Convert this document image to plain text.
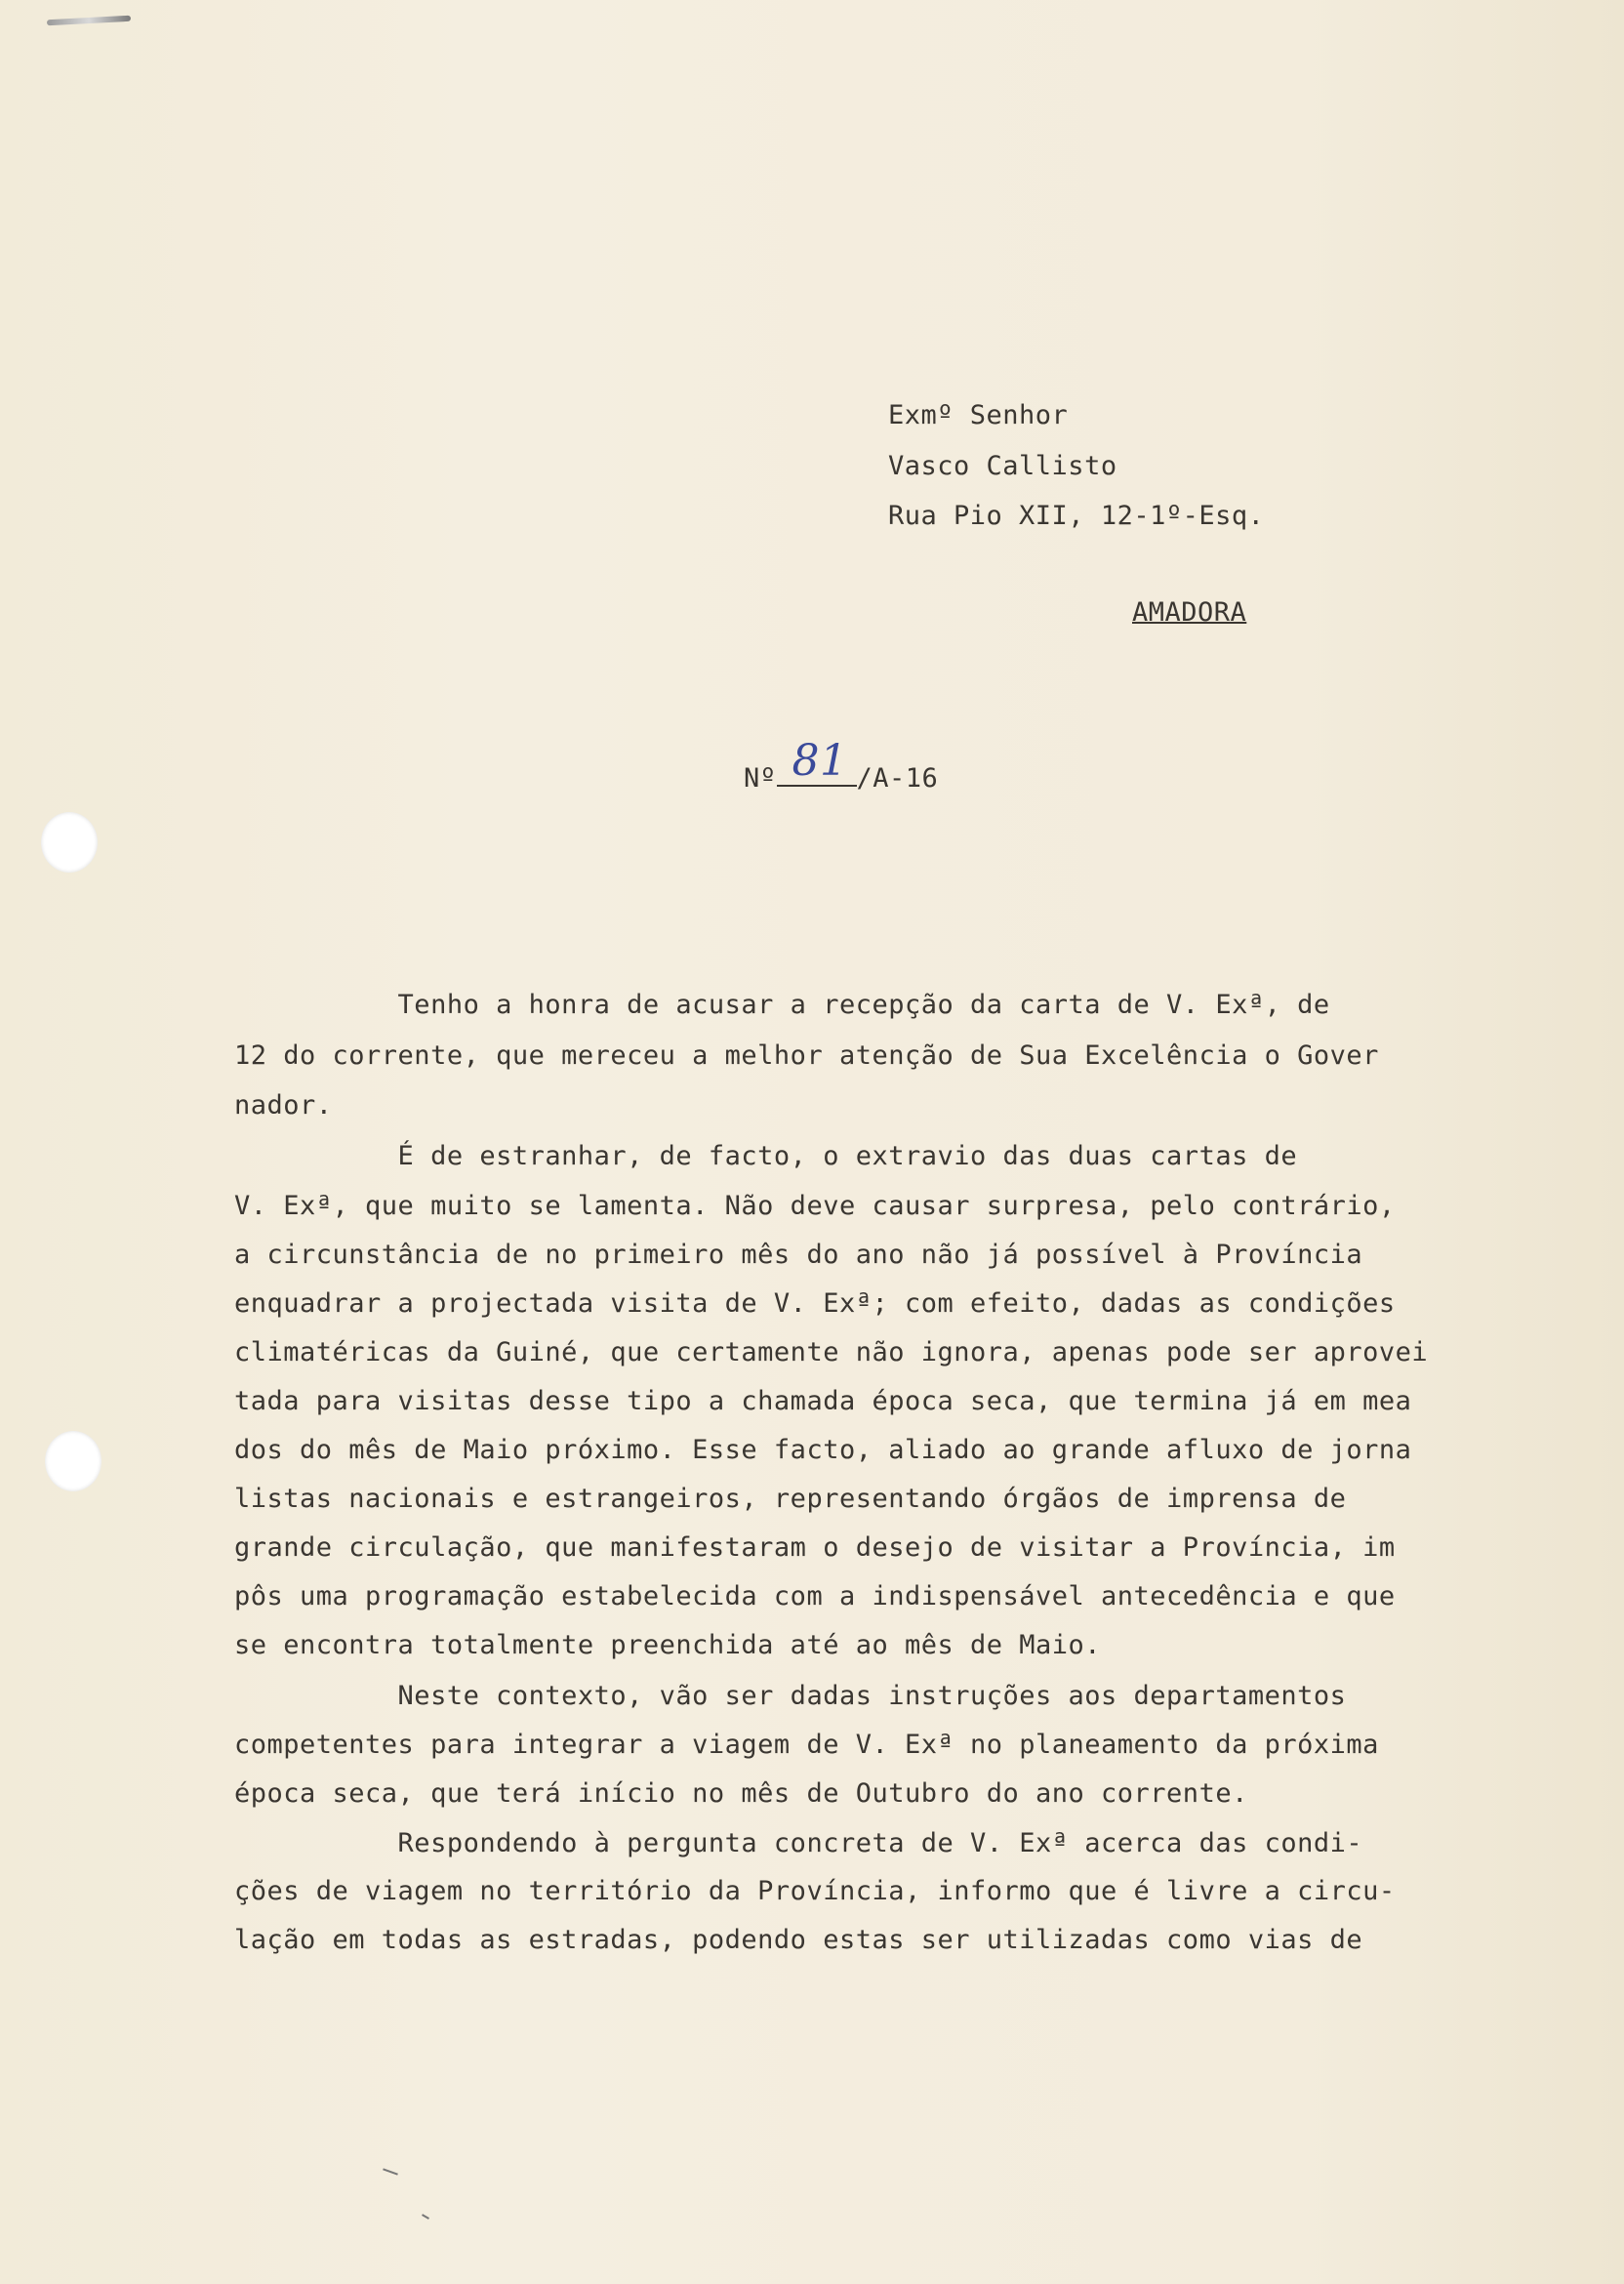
Exmº Senhor
Vasco Callisto
Rua Pio XII, 12-1º-Esq.
AMADORA
Nº 81 /A-16
Tenho a honra de acusar a recepção da carta de V. Exª, de
12 do corrente, que mereceu a melhor atenção de Sua Excelência o Gover
nador.
É de estranhar, de facto, o extravio das duas cartas de
V. Exª, que muito se lamenta. Não deve causar surpresa, pelo contrário,
a circunstância de no primeiro mês do ano não já possível à Província
enquadrar a projectada visita de V. Exª; com efeito, dadas as condições
climatéricas da Guiné, que certamente não ignora, apenas pode ser aprovei
tada para visitas desse tipo a chamada época seca, que termina já em mea
dos do mês de Maio próximo. Esse facto, aliado ao grande afluxo de jorna
listas nacionais e estrangeiros, representando órgãos de imprensa de
grande circulação, que manifestaram o desejo de visitar a Província, im
pôs uma programação estabelecida com a indispensável antecedência e que
se encontra totalmente preenchida até ao mês de Maio.
Neste contexto, vão ser dadas instruções aos departamentos
competentes para integrar a viagem de V. Exª no planeamento da próxima
época seca, que terá início no mês de Outubro do ano corrente.
Respondendo à pergunta concreta de V. Exª acerca das condi-
ções de viagem no território da Província, informo que é livre a circu-
lação em todas as estradas, podendo estas ser utilizadas como vias de
